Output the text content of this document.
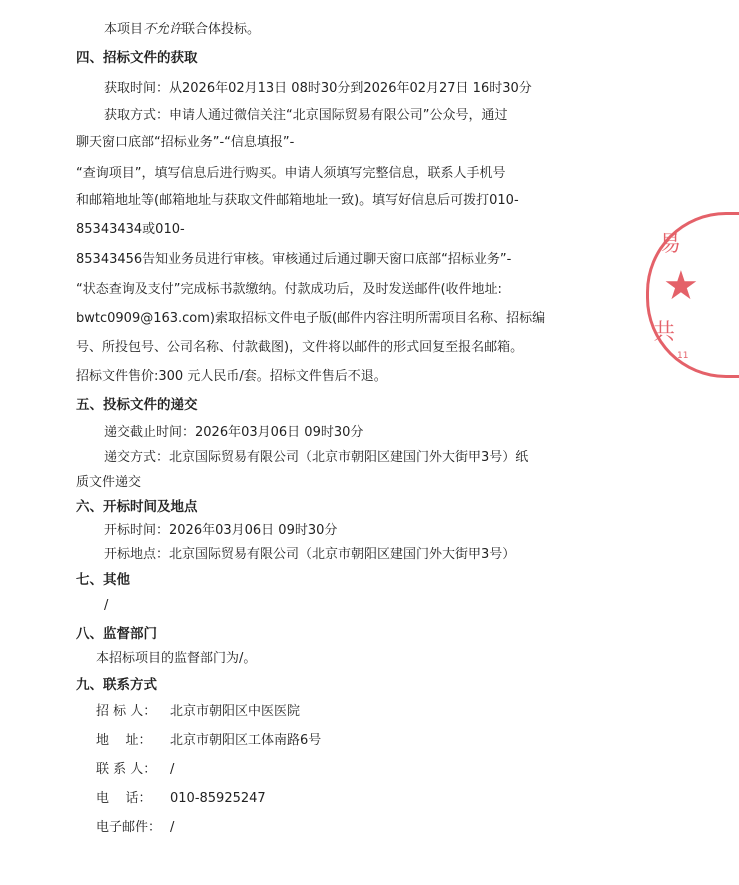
本项目不允许联合体投标。
四、招标文件的获取
获取时间：从2026年02月13日 08时30分到2026年02月27日 16时30分
获取方式：申请人通过微信关注“北京国际贸易有限公司”公众号，通过
聊天窗口底部“招标业务”-“信息填报”-
“查询项目”，填写信息后进行购买。申请人须填写完整信息，联系人手机号
和邮箱地址等(邮箱地址与获取文件邮箱地址一致)。填写好信息后可拨打010-
85343434或010-
85343456告知业务员进行审核。审核通过后通过聊天窗口底部“招标业务”-
“状态查询及支付”完成标书款缴纳。付款成功后，及时发送邮件(收件地址:
bwtc0909@163.com)索取招标文件电子版(邮件内容注明所需项目名称、招标编
号、所投包号、公司名称、付款截图)，文件将以邮件的形式回复至报名邮箱。
招标文件售价:300 元人民币/套。招标文件售后不退。
五、投标文件的递交
递交截止时间：2026年03月06日 09时30分
递交方式：北京国际贸易有限公司（北京市朝阳区建国门外大街甲3号）纸
质文件递交
六、开标时间及地点
开标时间：2026年03月06日 09时30分
开标地点：北京国际贸易有限公司（北京市朝阳区建国门外大街甲3号）
七、其他
/
八、监督部门
本招标项目的监督部门为/。
九、联系方式
招 标 人： 北京市朝阳区中医医院
地    址： 北京市朝阳区工体南路6号
联 系 人： /
电    话： 010-85925247
电子邮件： /
易
★
共
11
